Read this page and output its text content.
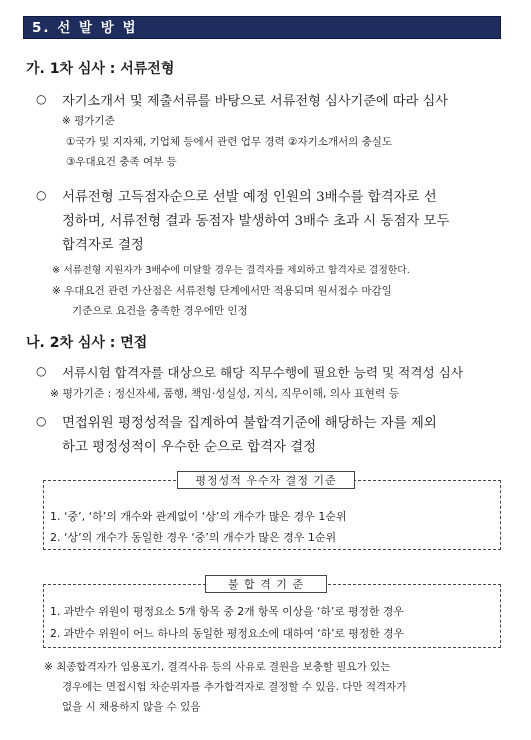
5. 선 발 방 법
가. 1차 심사 : 서류전형
○ 자기소개서 및 제출서류를 바탕으로 서류전형 심사기준에 따라 심사
※ 평가기준
①국가 및 지자체, 기업체 등에서 관련 업무 경력 ②자기소개서의 충실도
③우대요건 충족 여부 등
○ 서류전형 고득점자순으로 선발 예정 인원의 3배수를 합격자로 선
정하며, 서류전형 결과 동점자 발생하여 3배수 초과 시 동점자 모두
합격자로 결정
※ 서류전형 지원자가 3배수에 미달할 경우는 결격자를 제외하고 합격자로 결정한다.
※ 우대요건 관련 가산점은 서류전형 단계에서만 적용되며 원서접수 마감일
기준으로 요건을 충족한 경우에만 인정
나. 2차 심사 : 면접
○ 서류시험 합격자를 대상으로 해당 직무수행에 필요한 능력 및 적격성 심사
※ 평가기준 : 정신자세, 품행, 책임·성실성, 지식, 직무이해, 의사 표현력 등
○ 면접위원 평정성적을 집계하여 불합격기준에 해당하는 자를 제외
하고 평정성적이 우수한 순으로 합격자 결정
평정성적 우수자 결정 기준
1. ‘중’, ‘하’의 개수와 관계없이 ‘상’의 개수가 많은 경우 1순위
2. ‘상’의 개수가 동일한 경우 ‘중’의 개수가 많은 경우 1순위
불 합 격 기 준
1. 과반수 위원이 평정요소 5개 항목 중 2개 항목 이상을 ‘하’로 평정한 경우
2. 과반수 위원이 어느 하나의 동일한 평정요소에 대하여 ‘하’로 평정한 경우
※ 최종합격자가 임용포기, 결격사유 등의 사유로 결원을 보충할 필요가 있는
경우에는 면접시험 차순위자를 추가합격자로 결정할 수 있음. 다만 적격자가
없을 시 채용하지 않을 수 있음
